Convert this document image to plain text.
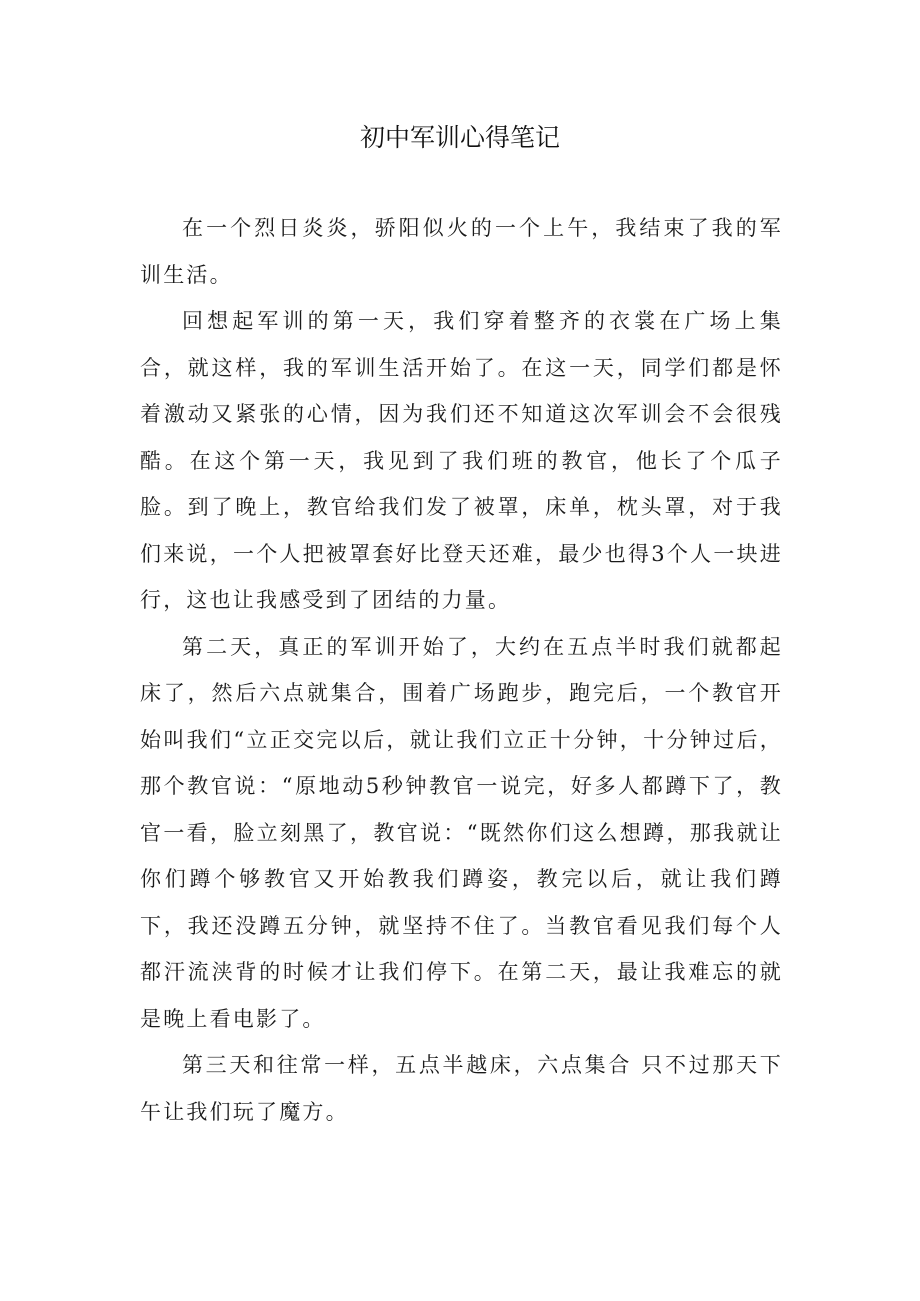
初中军训心得笔记

在一个烈日炎炎，骄阳似火的一个上午，我结束了我的军训生活。

回想起军训的第一天，我们穿着整齐的衣裳在广场上集合，就这样，我的军训生活开始了。在这一天，同学们都是怀着激动又紧张的心情，因为我们还不知道这次军训会不会很残酷。在这个第一天，我见到了我们班的教官，他长了个瓜子脸。到了晚上，教官给我们发了被罩，床单，枕头罩，对于我们来说，一个人把被罩套好比登天还难，最少也得3个人一块进行，这也让我感受到了团结的力量。

第二天，真正的军训开始了，大约在五点半时我们就都起床了，然后六点就集合，围着广场跑步，跑完后，一个教官开始叫我们“立正交完以后，就让我们立正十分钟，十分钟过后，那个教官说：“原地动5秒钟教官一说完，好多人都蹲下了，教官一看，脸立刻黑了，教官说：“既然你们这么想蹲，那我就让你们蹲个够教官又开始教我们蹲姿，教完以后，就让我们蹲下，我还没蹲五分钟，就坚持不住了。当教官看见我们每个人都汗流浃背的时候才让我们停下。在第二天，最让我难忘的就是晚上看电影了。

第三天和往常一样，五点半越床，六点集合 只不过那天下午让我们玩了魔方。
